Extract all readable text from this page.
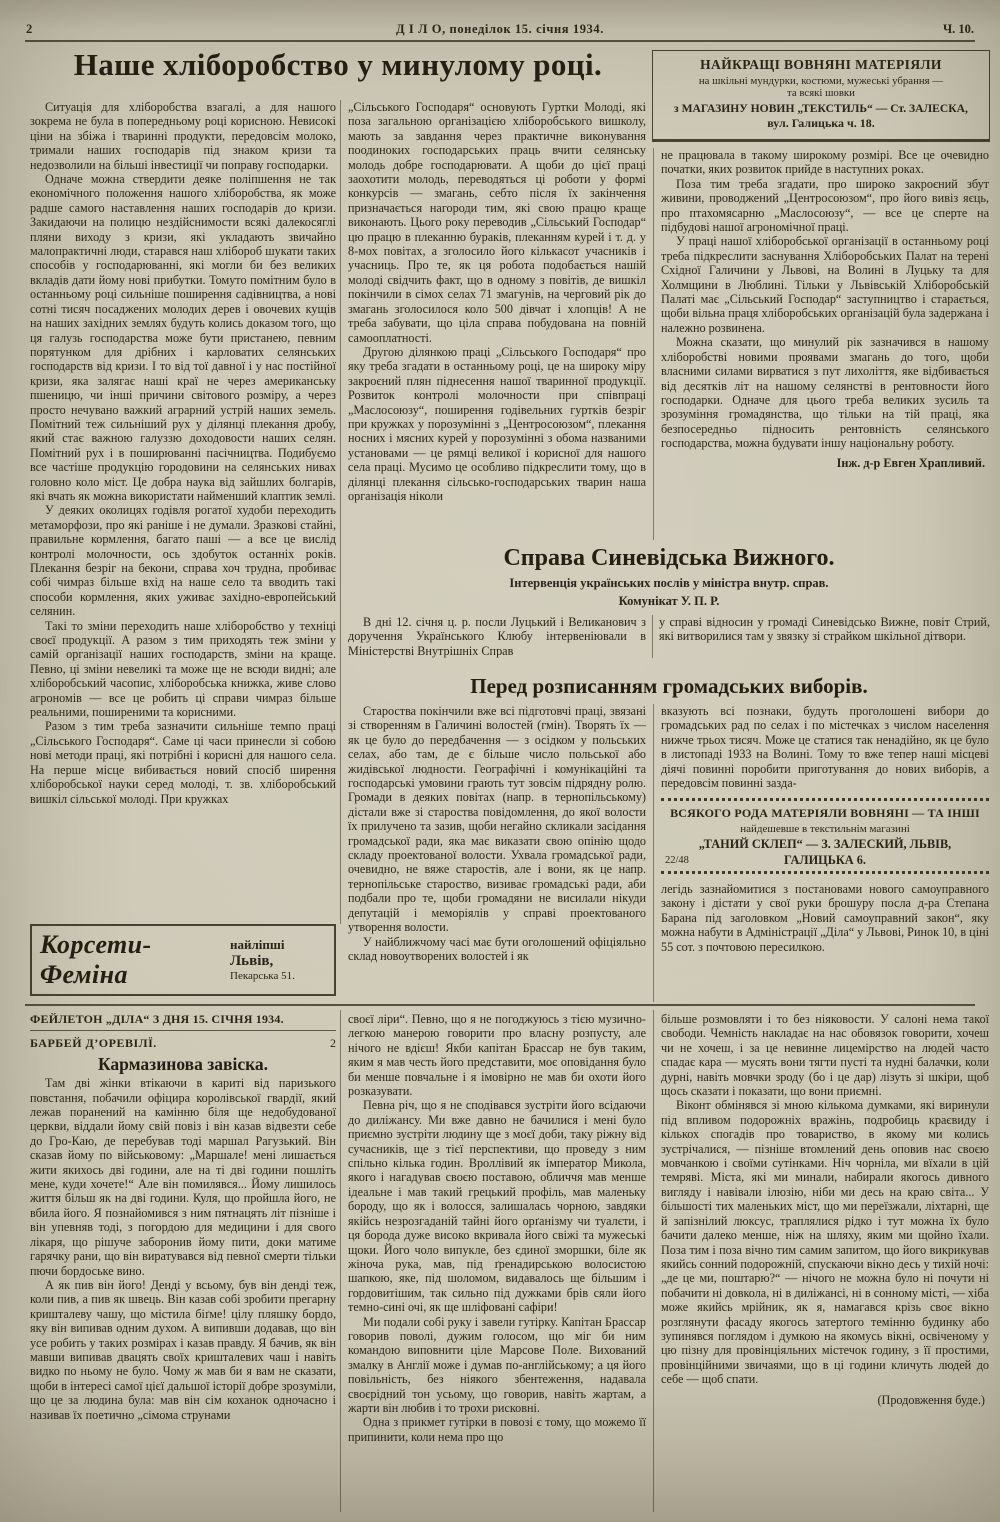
2	Д І Л О, понеділок 15. січня 1934.	Ч. 10.
Наше хліборобство у минулому році.	НАЙКРАЩІ ВОВНЯНІ МАТЕРІЯЛИ
на шкільні мундурки, костюми, мужеські убрання —
та всякі шовки
з МАГАЗИНУ НОВИН „ТЕКСТИЛЬ“ — Ст. ЗАЛЕСКА,
вул. Галицька ч. 18.

Ситуація для хліборобства взагалі, а для нашого зокрема не була в попередньому році корисною. Невисокі ціни на збіжа і тваринні продукти, передовсім молоко, тримали наших господарів під знаком кризи та недозволили на більші інвестиції чи поправу господарки.

Одначе можна ствердити деяке поліпшення не так економічного положення нашого хліборобства, як може радше самого наставлення наших господарів до кризи. Закидаючи на полицю нездійснимости всякі далекосяглі пляни виходу з кризи, які укладають звичайно малопрактичні люди, старався наш хлібороб шукати таких способів у господарюванні, які могли би без великих вкладів дати йому нові прибутки. Томуто помітним було в останньому році сильніше поширення садівництва, а нові сотні тисяч посаджених молодих дерев і овочевих кущів на наших західних землях будуть колись доказом того, що ця галузь господарства може бути пристанею, певним порятунком для дрібних і карловатих селянських господарств від кризи. І то від тої давної і у нас постійної кризи, яка залягає наші краї не через американську пшеницю, чи інші причини світового розміру, а через просто нечувано важкий аграрний устрій наших земель. Помітний теж сильніший рух у ділянці плекання дробу, який стає важною галуззю доходовости наших селян. Помітний рух і в поширюванні пасічництва. Подибуємо все частіше продукцію городовини на селянських нивах головно коло міст. Це добра наука від зайшлих болгарів, які вчать як можна використати найменший клаптик землі.

У деяких околицях годівля рогатої худоби переходить метаморфози, про які раніше і не думали. Зразкові стайні, правильне кормлення, багато паші — а все це вислід контролі молочности, ось здобуток останніх років. Плекання безріг на бекони, справа хоч трудна, пробиває собі чимраз більше вхід на наше село та вводить такі способи кормлення, яких уживає західно-европейський селянин.

Такі то зміни переходить наше хліборобство у техніці своєї продукції. А разом з тим приходять теж зміни у самій організації наших господарств, зміни на краще. Певно, ці зміни невеликі та може ще не всюди видні; але хліборобський часопис, хліборобська книжка, живе слово агрономів — все це робить ці справи чимраз більше реальними, поширеними та корисними.

Разом з тим треба зазначити сильніше темпо праці „Сільського Господаря“. Саме ці часи принесли зі собою нові методи праці, які потрібні і корисні для нашого села. На перше місце вибивається новий спосіб ширення хліборобської науки серед молоді, т. зв. хліборобський вишкіл сільської молоді. При кружках

„Сільського Господаря“ основують Гуртки Молоді, які поза загальною організацією хліборобського вишколу, мають за завдання через практичне виконування поодиноких господарських праць вчити селянську молодь добре господарювати. А щоби до цієї праці заохотити молодь, переводяться ці роботи у формі конкурсів — змагань, себто після їх закінчення призначається нагороди тим, які свою працю краще виконають. Цього року переводив „Сільський Господар“ цю працю в плеканню бураків, плеканням курей і т. д. у 8-мох повітах, а зголосило його кількасот учасників і учасниць. Про те, як ця робота подобається нашій молоді свідчить факт, що в одному з повітів, де вишкіл покінчили в сімох селах 71 змагунів, на черговий рік до змагань зголосилося коло 500 дівчат і хлопців! А не треба забувати, що ціла справа побудована на повній самооплатності.

Другою ділянкою праці „Сільського Господаря“ про яку треба згадати в останньому році, це на широку міру закроєний плян піднесення нашої тваринної продукції. Розвиток контролі молочности при співпраці „Маслосоюзу“, поширення годівельних гуртків безріг при кружках у порозумінні з „Центросоюзом“, плекання носних і мясних курей у порозумінні з обома названими установами — це рямці великої і корисної для нашого села праці. Мусимо це особливо підкреслити тому, що в ділянці плекання сільсько-господарських тварин наша організація ніколи

не працювала в такому широкому розмірі. Все це очевидно початки, яких розвиток прийде в наступних роках.

Поза тим треба згадати, про широко закроєний збут живини, проводжений „Центросоюзом“, про його вивіз яєць, про птахомясарню „Маслосоюзу“, — все це сперте на підбудові нашої агрономічної праці.

У праці нашої хліборобської організації в останньому році треба підкреслити заснування Хліборобських Палат на терені Східної Галичини у Львові, на Волині в Луцьку та для Холмщини в Люблині. Тільки у Львівській Хліборобській Палаті має „Сільський Господар“ заступництво і старається, щоби вільна праця хліборобських організацій була задержана і належно розвинена.

Можна сказати, що минулий рік зазначився в нашому хліборобстві новими проявами змагань до того, щоби власними силами вирватися з пут лихоліття, яке відбивається від десятків літ на нашому селянстві в рентовности його господарки. Одначе для цього треба великих зусиль та зрозуміння громадянства, що тільки на тій праці, яка безпосередньо підносить рентовність селянського господарства, можна будувати іншу національну роботу.

Інж. д-р Евген Храпливий.
Справа Синевідська Вижного.
Інтервенція українських послів у міністра внутр. справ.
Комунікат У. П. Р.

В дні 12. січня ц. р. посли Луцький і Великанович з доручення Українського Клюбу інтервеніювали в Міністерстві Внутрішніх Справ

у справі відносин у громаді Синевідсько Вижне, повіт Стрий, які витворилися там у звязку зі страйком шкільної дітвори.

Перед розписанням громадських виборів.

Староства покінчили вже всі підготовчі праці, звязані зі створенням в Галичині волостей (гмін). Творять їх — як це було до передбачення — з осідком у польських селах, або там, де є більше число польської або жидівської людности. Географічні і комунікаційні та господарські умовини грають тут зовсім підрядну ролю. Громади в деяких повітах (напр. в тернопільському) дістали вже зі староства повідомлення, до якої волости їх прилучено та зазив, щоби негайно скликали засідання громадської ради, яка має виказати свою опінію щодо складу проектованої волости. Ухвала громадської ради, очевидно, не вяже старостів, але і вони, як це напр. тернопільське староство, визиває громадські ради, аби подбали про те, щоби громадяни не висилали нікуди депутацій і меморіялів у справі проектованого утворення волости.

У найближчому часі має бути оголошений офіціяльно склад новоутворених волостей і як

вказують всі познаки, будуть проголошені вибори до громадських рад по селах і по містечках з числом населення нижче трьох тисяч. Може це статися так ненадійно, як це було в листопаді 1933 на Волині. Тому то вже тепер наші місцеві діячі повинні поробити приготування до нових виборів, а передовсім повинні зазда-

ВСЯКОГО РОДА МАТЕРІЯЛИ ВОВНЯНІ — ТА ІНШІ
найдешевше в текстильнім магазині
„ТАНИЙ СКЛЕП“ — З. ЗАЛЕСКИЙ, ЛЬВІВ,
22/48	ГАЛИЦЬКА 6.

легідь зазнайомитися з постановами нового самоуправного закону і дістати у свої руки брошуру посла д-ра Степана Барана під заголовком „Новий самоуправний закон“, яку можна набути в Адміністрації „Діла“ у Львові, Ринок 10, в ціні 55 сот. з почтовою пересилкою.

Корсети-Феміна
найліпші
Львів,
Пекарська 51.
ФЕЙЛЕТОН „ДІЛА“ З ДНЯ 15. СІЧНЯ 1934.
БАРБЕЙ Д’ОРЕВІЛЇ.	2
Кармазинова завіска.

Там дві жінки втікаючи в кариті від паризького повстання, побачили офіцира королівської гвардії, який лежав поранений на камінню біля ще недобудованої церкви, віддали йому свій повіз і він казав відвезти себе до Гро-Каю, де перебував тоді маршал Рагузький. Він сказав йому по військовому: „Маршале! мені лишається жити якихось дві години, але на ті дві години пошліть мене, куди хочете!“ Але він помилявся... Йому лишилось життя більш як на дві години. Куля, що пройшла його, не вбила його. Я познайомився з ним пятнацять літ пізніше і він упевняв тоді, з погордою для медицини і для свого лікаря, що рішуче заборонив йому пити, доки матиме гарячку рани, що він виратувався від певної смерти тільки пючи бордоське вино.

А як пив він його! Денді у всьому, був він денді теж, коли пив, а пив як швець. Він казав собі зробити прегарну кришталеву чашу, що містила біґме! цілу пляшку бордо, яку він випивав одним духом. А випивши додавав, що він усе робить у таких розмірах і казав правду. Я бачив, як він мавши випивав двацять своїх кришталевих чаш і навіть видко по ньому не було. Чому ж мав би я вам не сказати, щоби в інтересі самої цієї дальшої історії добре зрозуміли, що це за людина була: мав він сім коханок одночасно і називав їх поетично „сімома струнами

своєї ліри“. Певно, що я не погоджуюсь з тією музично-легкою манерою говорити про власну розпусту, але нічого не вдієш! Якби капітан Брассар не був таким, яким я мав честь його представити, моє оповідання було би менше повчальне і я імовірно не мав би охоти його розказувати.

Певна річ, що я не сподівався зустріти його всідаючи до диліжансу. Ми вже давно не бачилися і мені було приємно зустріти людину ще з моєї доби, таку ріжну від сучасників, ще з тієї перспективи, що проведу з ним спільно кілька годин. Вроллівий як імператор Микола, якого і нагадував своєю поставою, обличчя мав менше ідеальне і мав такий грецький профіль, мав маленьку бороду, що як і волосся, залишалась чорною, завдяки якійсь незрозгаданій тайні його орґанізму чи туалєти, і ця борода дуже високо вкривала його свіжі та мужеські щоки. Його чоло випукле, без єдиної зморшки, біле як жіноча рука, мав, під ґренадирською волосистою шапкою, яке, під шоломом, видавалось ще більшим і гордовитішим, так сильно під дужками брів сяли його темно-сині очі, як ще шліфовані сафіри!

Ми подали собі руку і завели гутірку. Капітан Брассар говорив поволі, дужим голосом, що міг би ним командою виповнити ціле Марсове Поле. Вихований змалку в Англії може і думав по-англійському; а ця його повільність, без ніякого збентеження, надавала своєрідний тон усьому, що говорив, навіть жартам, а жарти він любив і то трохи рисковні.

Одна з прикмет гутірки в повозі є тому, що можемо її припинити, коли нема про що

більше розмовляти і то без ніяковости. У салоні нема такої свободи. Чемність накладає на нас обовязок говорити, хочеш чи не хочеш, і за це невинне лицемірство на людей часто спадає кара — мусять вони тягти пусті та нудні балачки, коли дурні, навіть мовчки зроду (бо і це дар) лізуть зі шкіри, щоб щось сказати і показати, що вони приємні.

Віконт обмінявся зі мною кількома думками, які виринули під впливом подорожніх вражінь, подробиць краєвиду і кількох спогадів про товариство, в якому ми колись зустрічалися, — пізніше втомлений день оповив нас своєю мовчанкою і своїми сутінками. Ніч чорніла, ми вїхали в цій темряві. Міста, які ми минали, набирали якогось дивного вигляду і навівали ілюзію, ніби ми десь на краю світа... У більшості тих маленьких міст, що ми переїзжали, ліхтарні, ще й запізнілий люксус, траплялися рідко і тут можна їх було бачити далеко менше, ніж на шляху, яким ми щойно їхали. Поза тим і поза вічно тим самим запитом, що його викрикував якийсь сонний подорожній, спускаючи вікно десь у тихій ночі: „де це ми, поштарю?“ — нічого не можна було ні почути ні побачити ні довкола, ні в диліжансі, ні в сонному місті, — хіба може якийсь мрійник, як я, намагався крізь своє вікно розглянути фасаду якогось затертого темінню будинку або зупинявся поглядом і думкою на якомусь вікні, освіченому у цю пізну для провінціяльних містечок годину, з її простими, провінційними звичаями, що в ці години кличуть людей до себе — щоб спати.

(Продовження буде.)
